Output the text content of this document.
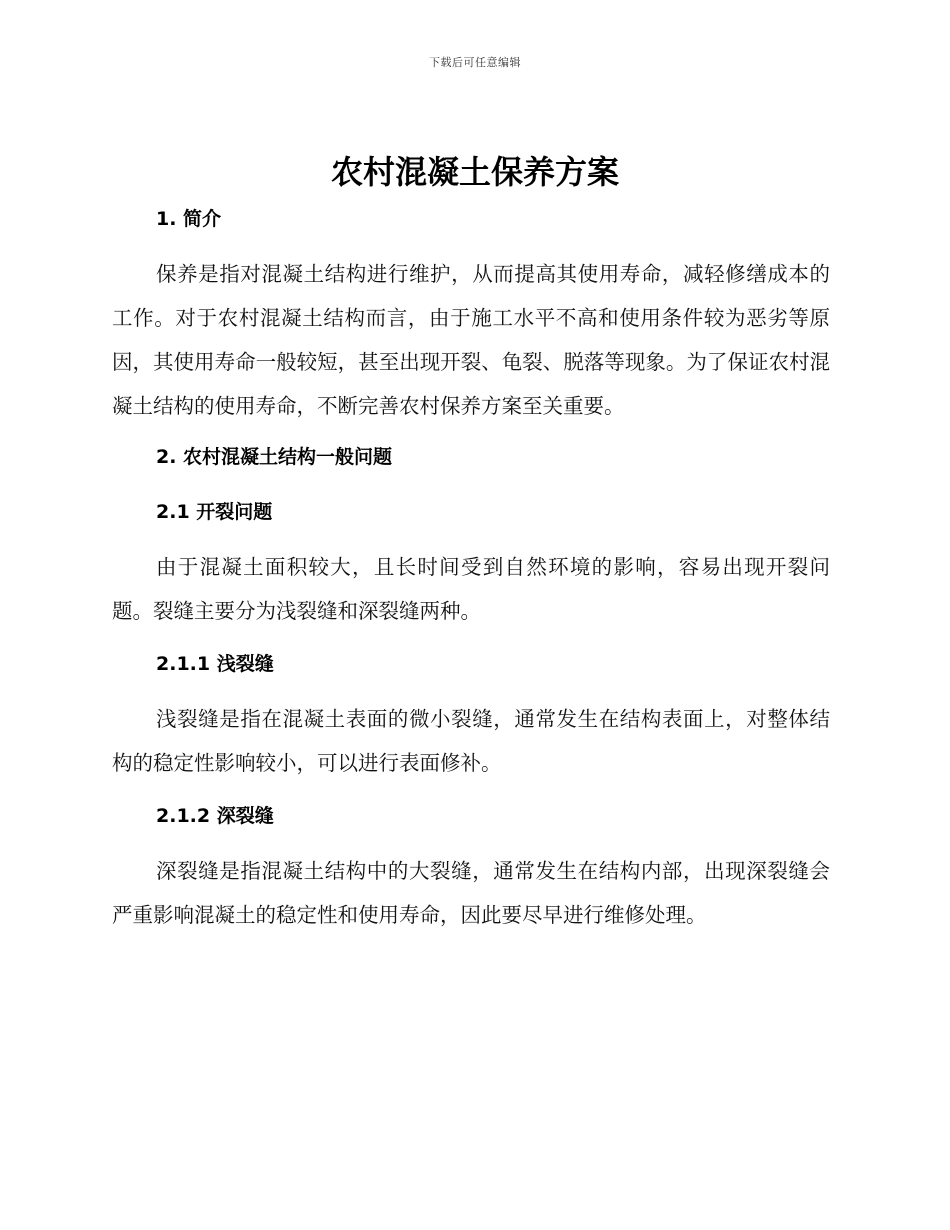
下载后可任意编辑
农村混凝土保养方案
1. 简介

保养是指对混凝土结构进行维护，从而提高其使用寿命，减轻修缮成本的工作。对于农村混凝土结构而言，由于施工水平不高和使用条件较为恶劣等原因，其使用寿命一般较短，甚至出现开裂、龟裂、脱落等现象。为了保证农村混凝土结构的使用寿命，不断完善农村保养方案至关重要。

2. 农村混凝土结构一般问题
2.1 开裂问题

由于混凝土面积较大，且长时间受到自然环境的影响，容易出现开裂问题。裂缝主要分为浅裂缝和深裂缝两种。

2.1.1 浅裂缝

浅裂缝是指在混凝土表面的微小裂缝，通常发生在结构表面上，对整体结构的稳定性影响较小，可以进行表面修补。

2.1.2 深裂缝

深裂缝是指混凝土结构中的大裂缝，通常发生在结构内部，出现深裂缝会严重影响混凝土的稳定性和使用寿命，因此要尽早进行维修处理。
